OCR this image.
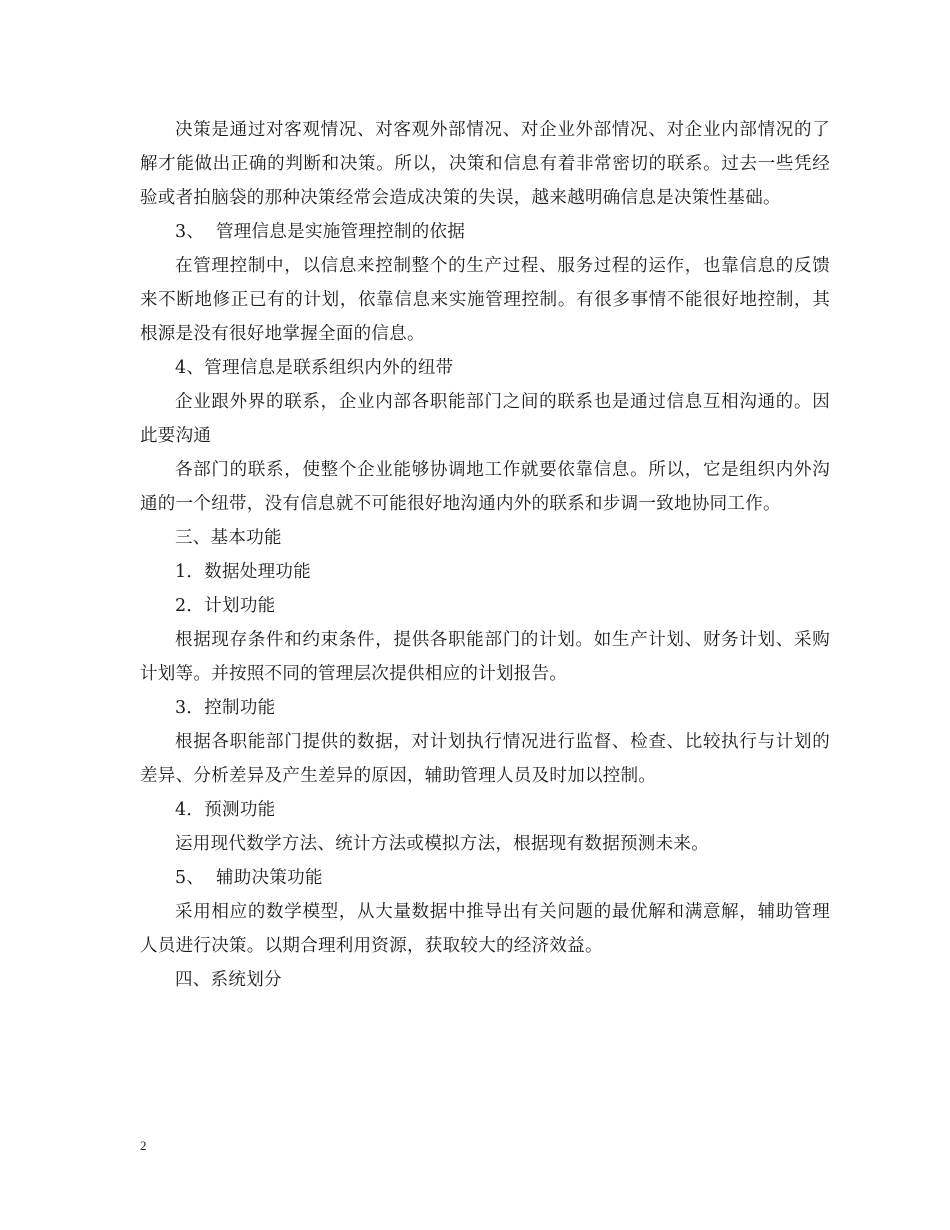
决策是通过对客观情况、对客观外部情况、对企业外部情况、对企业内部情况的了解才能做出正确的判断和决策。所以，决策和信息有着非常密切的联系。过去一些凭经验或者拍脑袋的那种决策经常会造成决策的失误，越来越明确信息是决策性基础。

3、  管理信息是实施管理控制的依据

在管理控制中，以信息来控制整个的生产过程、服务过程的运作，也靠信息的反馈来不断地修正已有的计划，依靠信息来实施管理控制。有很多事情不能很好地控制，其根源是没有很好地掌握全面的信息。

4、管理信息是联系组织内外的纽带

企业跟外界的联系，企业内部各职能部门之间的联系也是通过信息互相沟通的。因此要沟通

各部门的联系，使整个企业能够协调地工作就要依靠信息。所以，它是组织内外沟通的一个纽带，没有信息就不可能很好地沟通内外的联系和步调一致地协同工作。

三、基本功能

1．数据处理功能

2．计划功能

根据现存条件和约束条件，提供各职能部门的计划。如生产计划、财务计划、采购计划等。并按照不同的管理层次提供相应的计划报告。

3．控制功能

根据各职能部门提供的数据，对计划执行情况进行监督、检查、比较执行与计划的差异、分析差异及产生差异的原因，辅助管理人员及时加以控制。

4．预测功能

运用现代数学方法、统计方法或模拟方法，根据现有数据预测未来。

5、  辅助决策功能

采用相应的数学模型，从大量数据中推导出有关问题的最优解和满意解，辅助管理人员进行决策。以期合理利用资源，获取较大的经济效益。

四、系统划分

2
